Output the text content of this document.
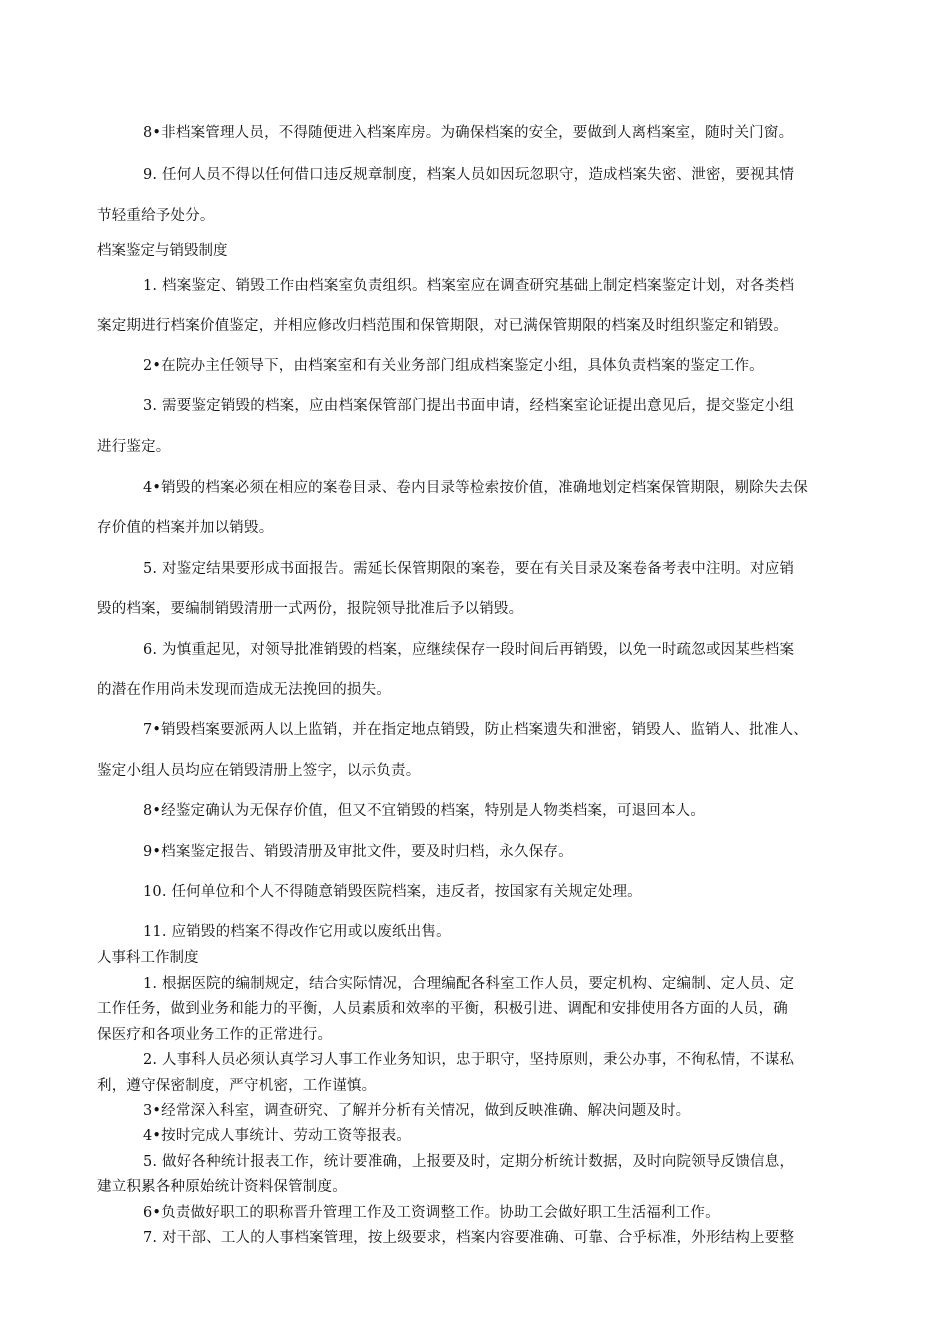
8•非档案管理人员，不得随便进入档案库房。为确保档案的安全，要做到人离档案室，随时关门窗。
9. 任何人员不得以任何借口违反规章制度，档案人员如因玩忽职守，造成档案失密、泄密，要视其情
节轻重给予处分。
档案鉴定与销毁制度
1. 档案鉴定、销毁工作由档案室负责组织。档案室应在调查研究基础上制定档案鉴定计划，对各类档
案定期进行档案价值鉴定，并相应修改归档范围和保管期限，对已满保管期限的档案及时组织鉴定和销毁。
2•在院办主任领导下，由档案室和有关业务部门组成档案鉴定小组，具体负责档案的鉴定工作。
3. 需要鉴定销毁的档案，应由档案保管部门提出书面申请，经档案室论证提出意见后，提交鉴定小组
进行鉴定。
4•销毁的档案必须在相应的案卷目录、卷内目录等检索按价值，准确地划定档案保管期限，剔除失去保
存价值的档案并加以销毁。
5. 对鉴定结果要形成书面报告。需延长保管期限的案卷，要在有关目录及案卷备考表中注明。对应销
毁的档案，要编制销毁清册一式两份，报院领导批准后予以销毁。
6. 为慎重起见，对领导批准销毁的档案，应继续保存一段时间后再销毁，以免一时疏忽或因某些档案
的潜在作用尚未发现而造成无法挽回的损失。
7•销毁档案要派两人以上监销，并在指定地点销毁，防止档案遗失和泄密，销毁人、监销人、批准人、
鉴定小组人员均应在销毁清册上签字，以示负责。
8•经鉴定确认为无保存价值，但又不宜销毁的档案，特别是人物类档案，可退回本人。
9•档案鉴定报告、销毁清册及审批文件，要及时归档，永久保存。
10. 任何单位和个人不得随意销毁医院档案，违反者，按国家有关规定处理。
11. 应销毁的档案不得改作它用或以废纸出售。
人事科工作制度
1. 根据医院的编制规定，结合实际情况，合理编配各科室工作人员，要定机构、定编制、定人员、定
工作任务，做到业务和能力的平衡，人员素质和效率的平衡，积极引进、调配和安排使用各方面的人员，确
保医疗和各项业务工作的正常进行。
2. 人事科人员必须认真学习人事工作业务知识，忠于职守，坚持原则，秉公办事，不徇私情，不谋私
利，遵守保密制度，严守机密，工作谨慎。
3•经常深入科室，调查研究、了解并分析有关情况，做到反映准确、解决问题及时。
4•按时完成人事统计、劳动工资等报表。
5. 做好各种统计报表工作，统计要准确，上报要及时，定期分析统计数据，及时向院领导反馈信息，
建立积累各种原始统计资料保管制度。
6•负责做好职工的职称晋升管理工作及工资调整工作。协助工会做好职工生活福利工作。
7. 对干部、工人的人事档案管理，按上级要求，档案内容要准确、可靠、合乎标准，外形结构上要整
